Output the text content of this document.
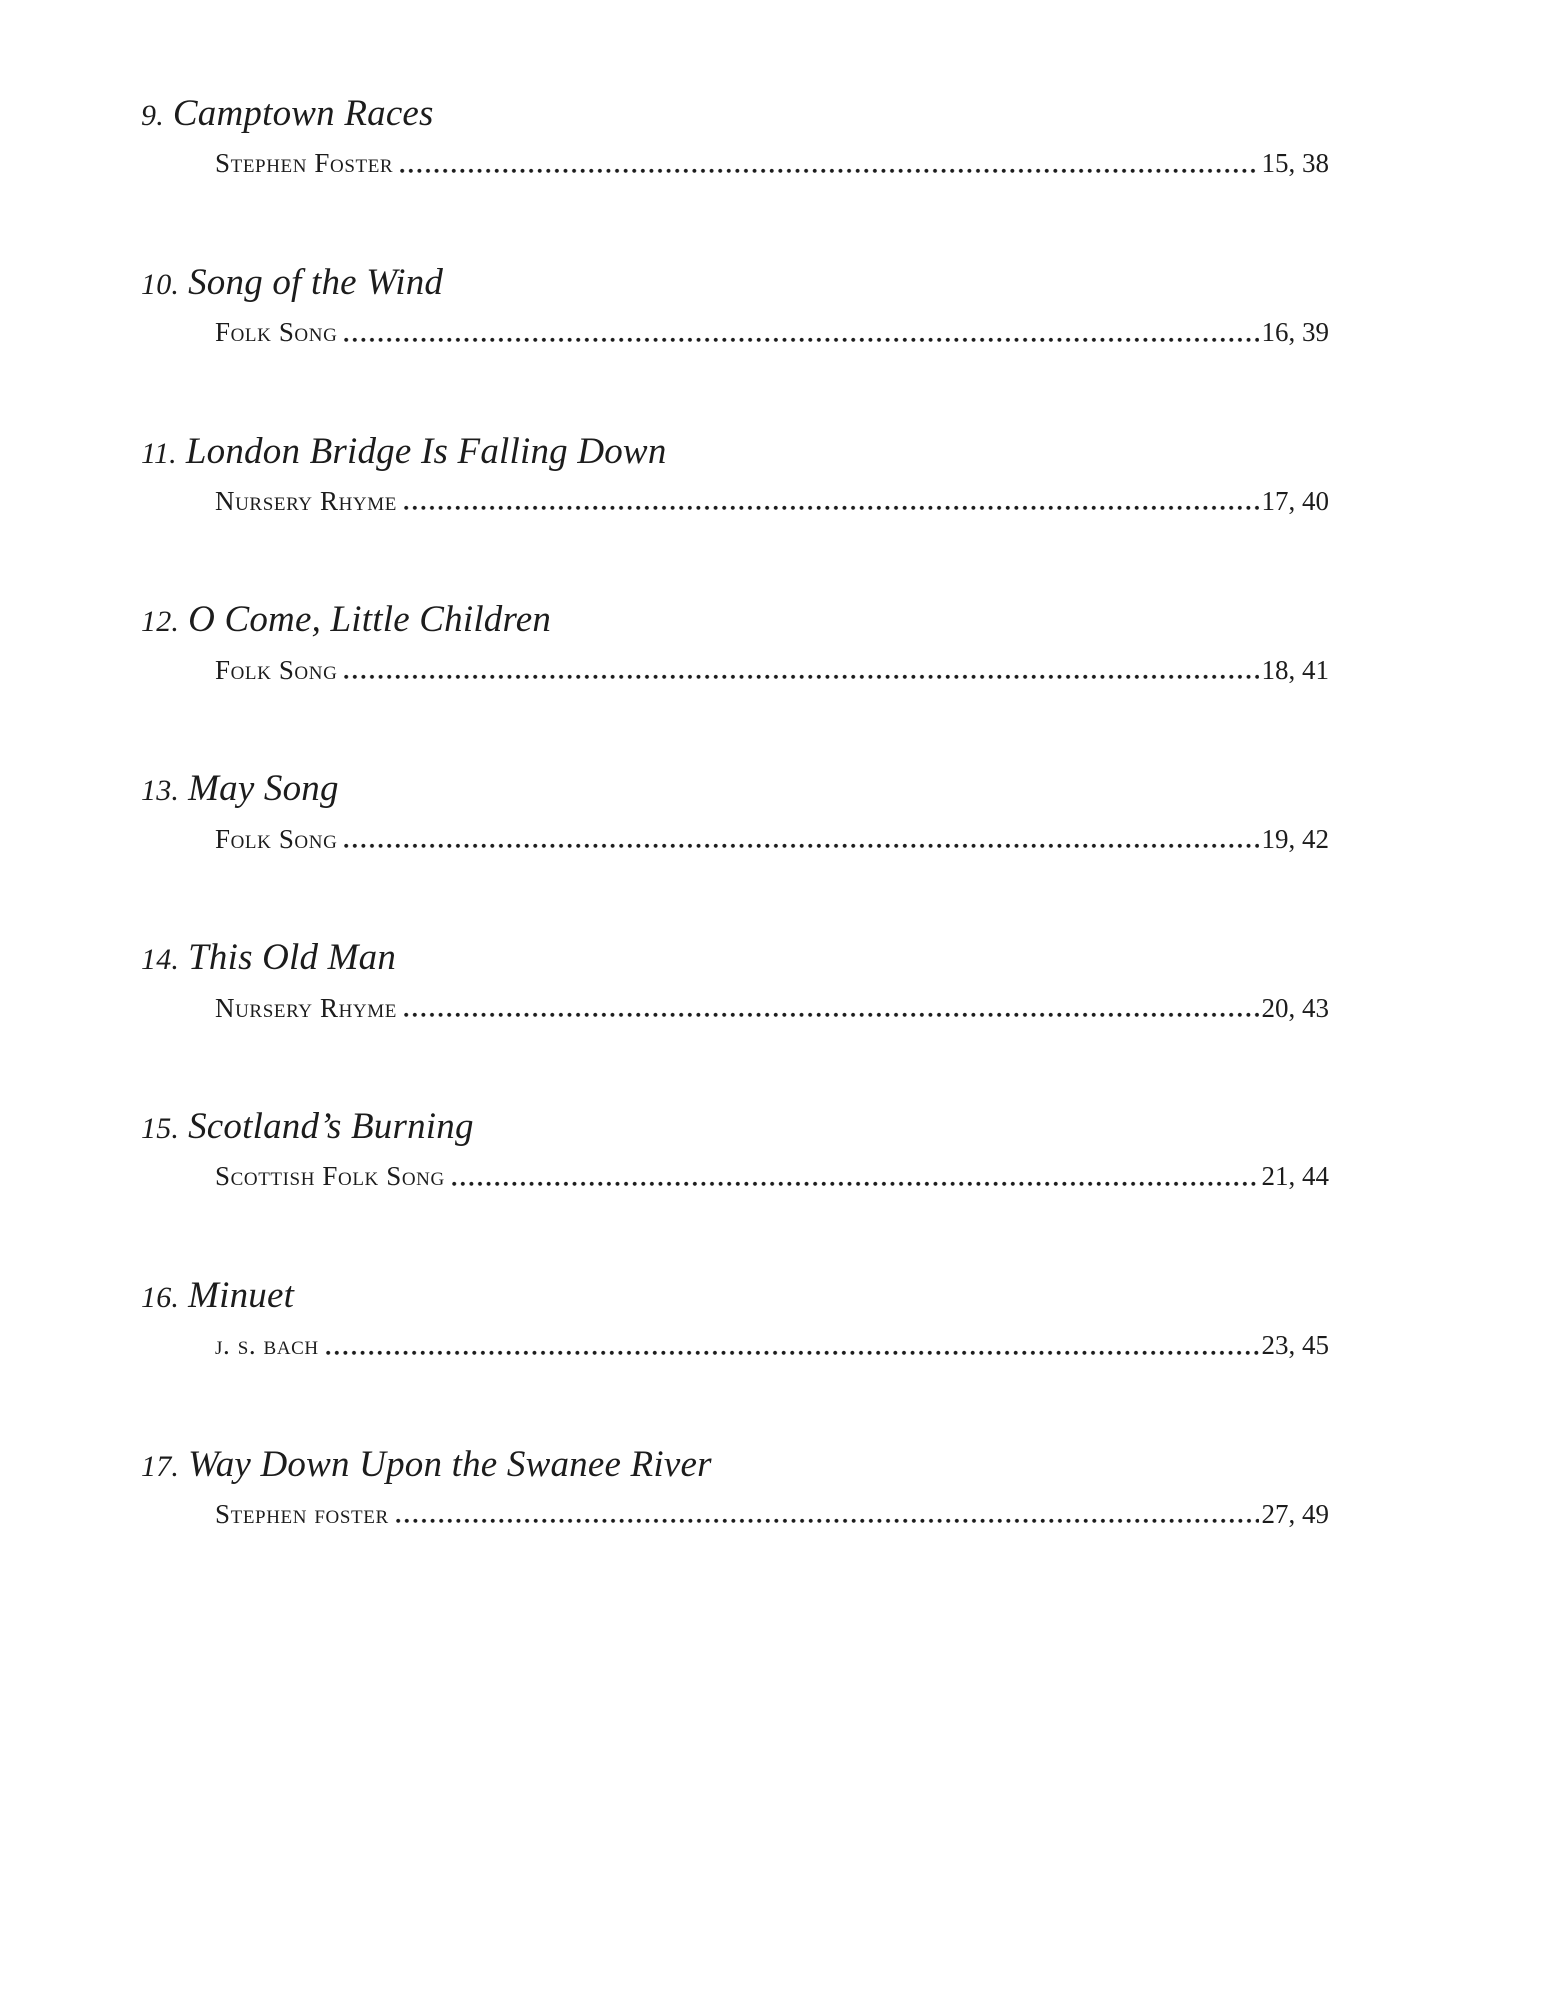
9. Camptown Races
Stephen Foster	15, 38
10. Song of the Wind
Folk Song	16, 39
11. London Bridge Is Falling Down
Nursery Rhyme	17, 40
12. O Come, Little Children
Folk Song	18, 41
13. May Song
Folk Song	19, 42
14. This Old Man
Nursery Rhyme	20, 43
15. Scotland’s Burning
Scottish Folk Song	21, 44
16. Minuet
j. s. bach	23, 45
17. Way Down Upon the Swanee River
Stephen foster	27, 49
